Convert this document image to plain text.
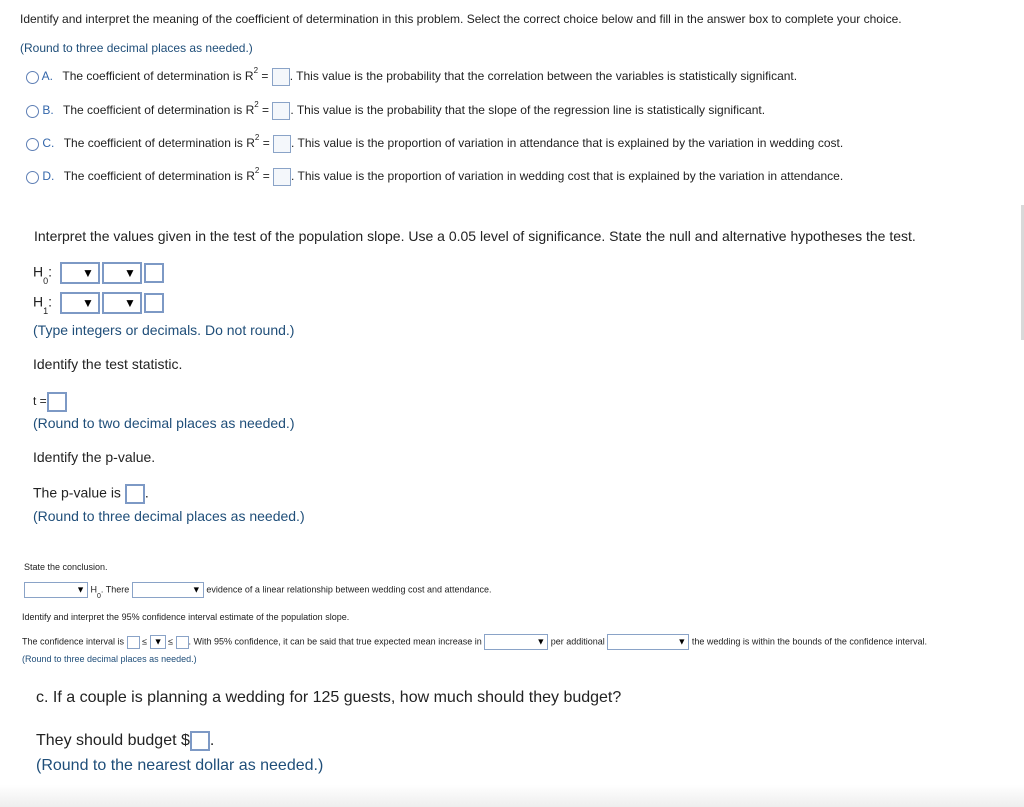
Identify and interpret the meaning of the coefficient of determination in this problem. Select the correct choice below and fill in the answer box to complete your choice.
(Round to three decimal places as needed.)
A. The coefficient of determination is $R^2$ = . This value is the probability that the correlation between the variables is statistically significant.
B. The coefficient of determination is $R^2$ = . This value is the probability that the slope of the regression line is statistically significant.
C. The coefficient of determination is $R^2$ = . This value is the proportion of variation in attendance that is explained by the variation in wedding cost.
D. The coefficient of determination is $R^2$ = . This value is the proportion of variation in wedding cost that is explained by the variation in attendance.
Interpret the values given in the test of the population slope. Use a 0.05 level of significance. State the null and alternative hypotheses the test.
H0:	▼	▼
H1:	▼	▼
(Type integers or decimals. Do not round.)
Identify the test statistic.
t =
(Round to two decimal places as needed.)
Identify the p-value.
The p-value is .
(Round to three decimal places as needed.)
State the conclusion.
▼ $H_0$. There	▼ evidence of a linear relationship between wedding cost and attendance.
Identify and interpret the 95% confidence interval estimate of the population slope.
The confidence interval is ≤ ▼ ≤ . With 95% confidence, it can be said that true expected mean increase in	▼ per additional	▼ the wedding is within the bounds of the confidence interval.
(Round to three decimal places as needed.)
c. If a couple is planning a wedding for 125 guests, how much should they budget?
They should budget $ .
(Round to the nearest dollar as needed.)
